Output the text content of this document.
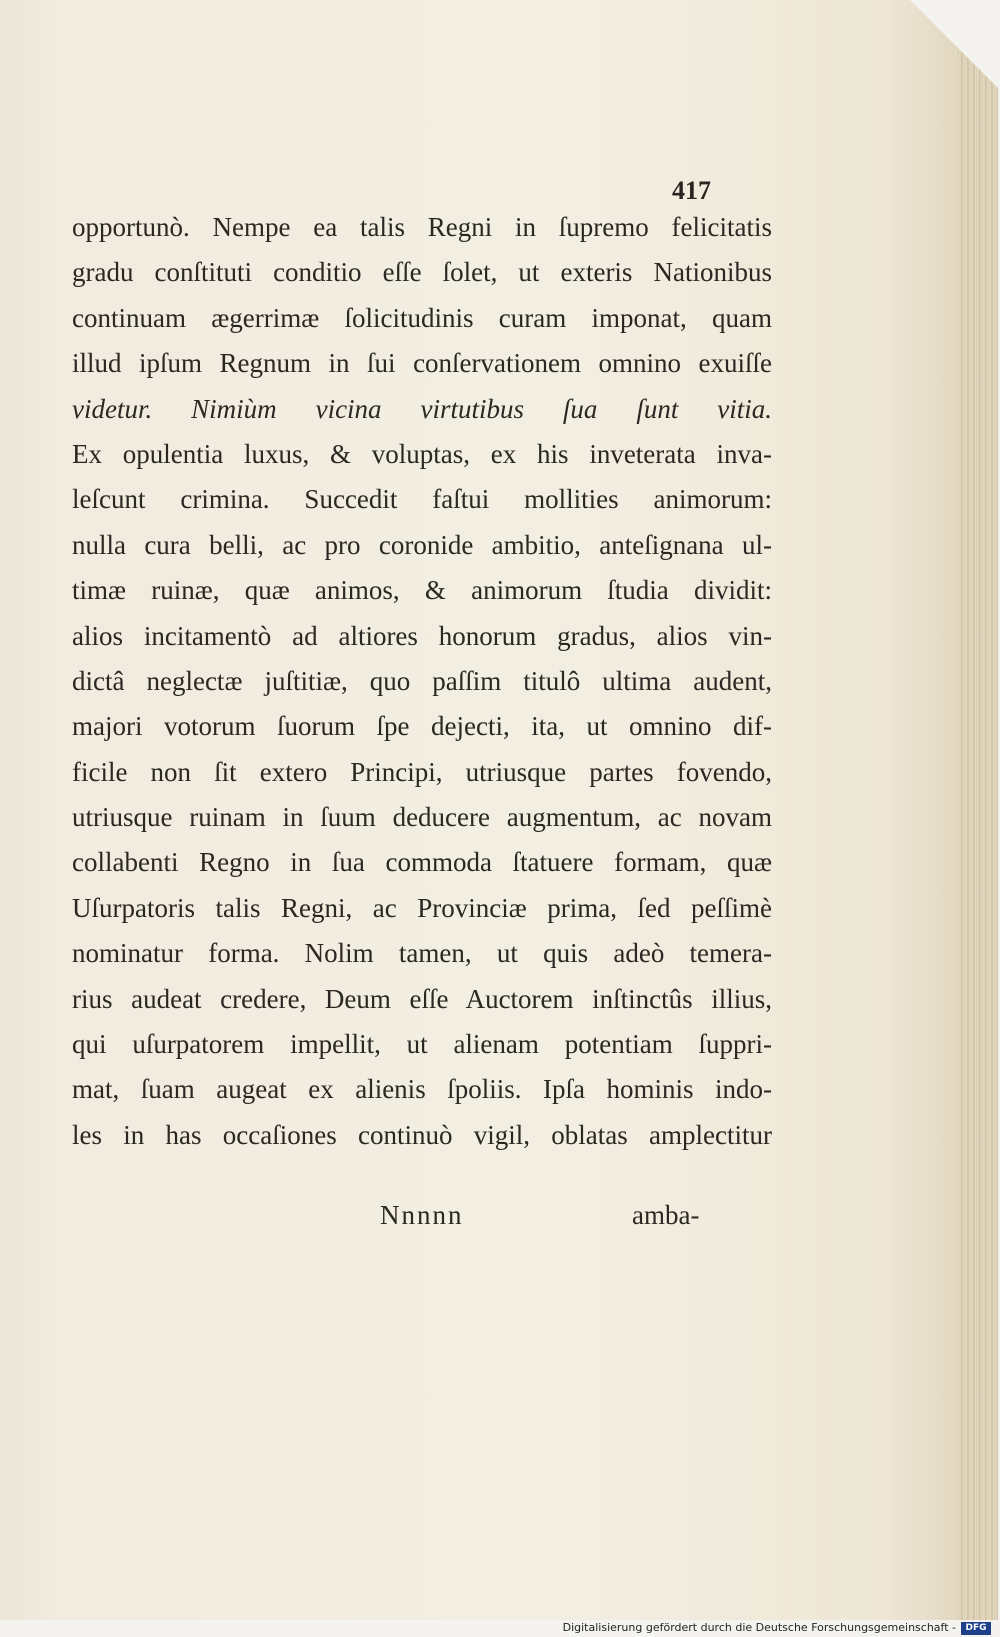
417
opportunò. Nempe ea talis Regni in ſupremo felicitatis
gradu conſtituti conditio eſſe ſolet, ut exteris Nationibus
continuam ægerrimæ ſolicitudinis curam imponat, quam
illud ipſum Regnum in ſui conſervationem omnino exuiſſe
videtur. Nimiùm vicina virtutibus ſua ſunt vitia.
Ex opulentia luxus, & voluptas, ex his inveterata inva-
leſcunt crimina. Succedit faſtui mollities animorum:
nulla cura belli, ac pro coronide ambitio, anteſignana ul-
timæ ruinæ, quæ animos, & animorum ſtudia dividit:
alios incitamentò ad altiores honorum gradus, alios vin-
dictâ neglectæ juſtitiæ, quo paſſim titulô ultima audent,
majori votorum ſuorum ſpe dejecti, ita, ut omnino dif-
ficile non ſit extero Principi, utriusque partes fovendo,
utriusque ruinam in ſuum deducere augmentum, ac novam
collabenti Regno in ſua commoda ſtatuere formam, quæ
Uſurpatoris talis Regni, ac Provinciæ prima, ſed peſſimè
nominatur forma. Nolim tamen, ut quis adeò temera-
rius audeat credere, Deum eſſe Auctorem inſtinctûs illius,
qui uſurpatorem impellit, ut alienam potentiam ſuppri-
mat, ſuam augeat ex alienis ſpoliis. Ipſa hominis indo-
les in has occaſiones continuò vigil, oblatas amplectitur
Nnnnn	amba-
Digitalisierung gefördert durch die Deutsche Forschungsgemeinschaft -	DFG
